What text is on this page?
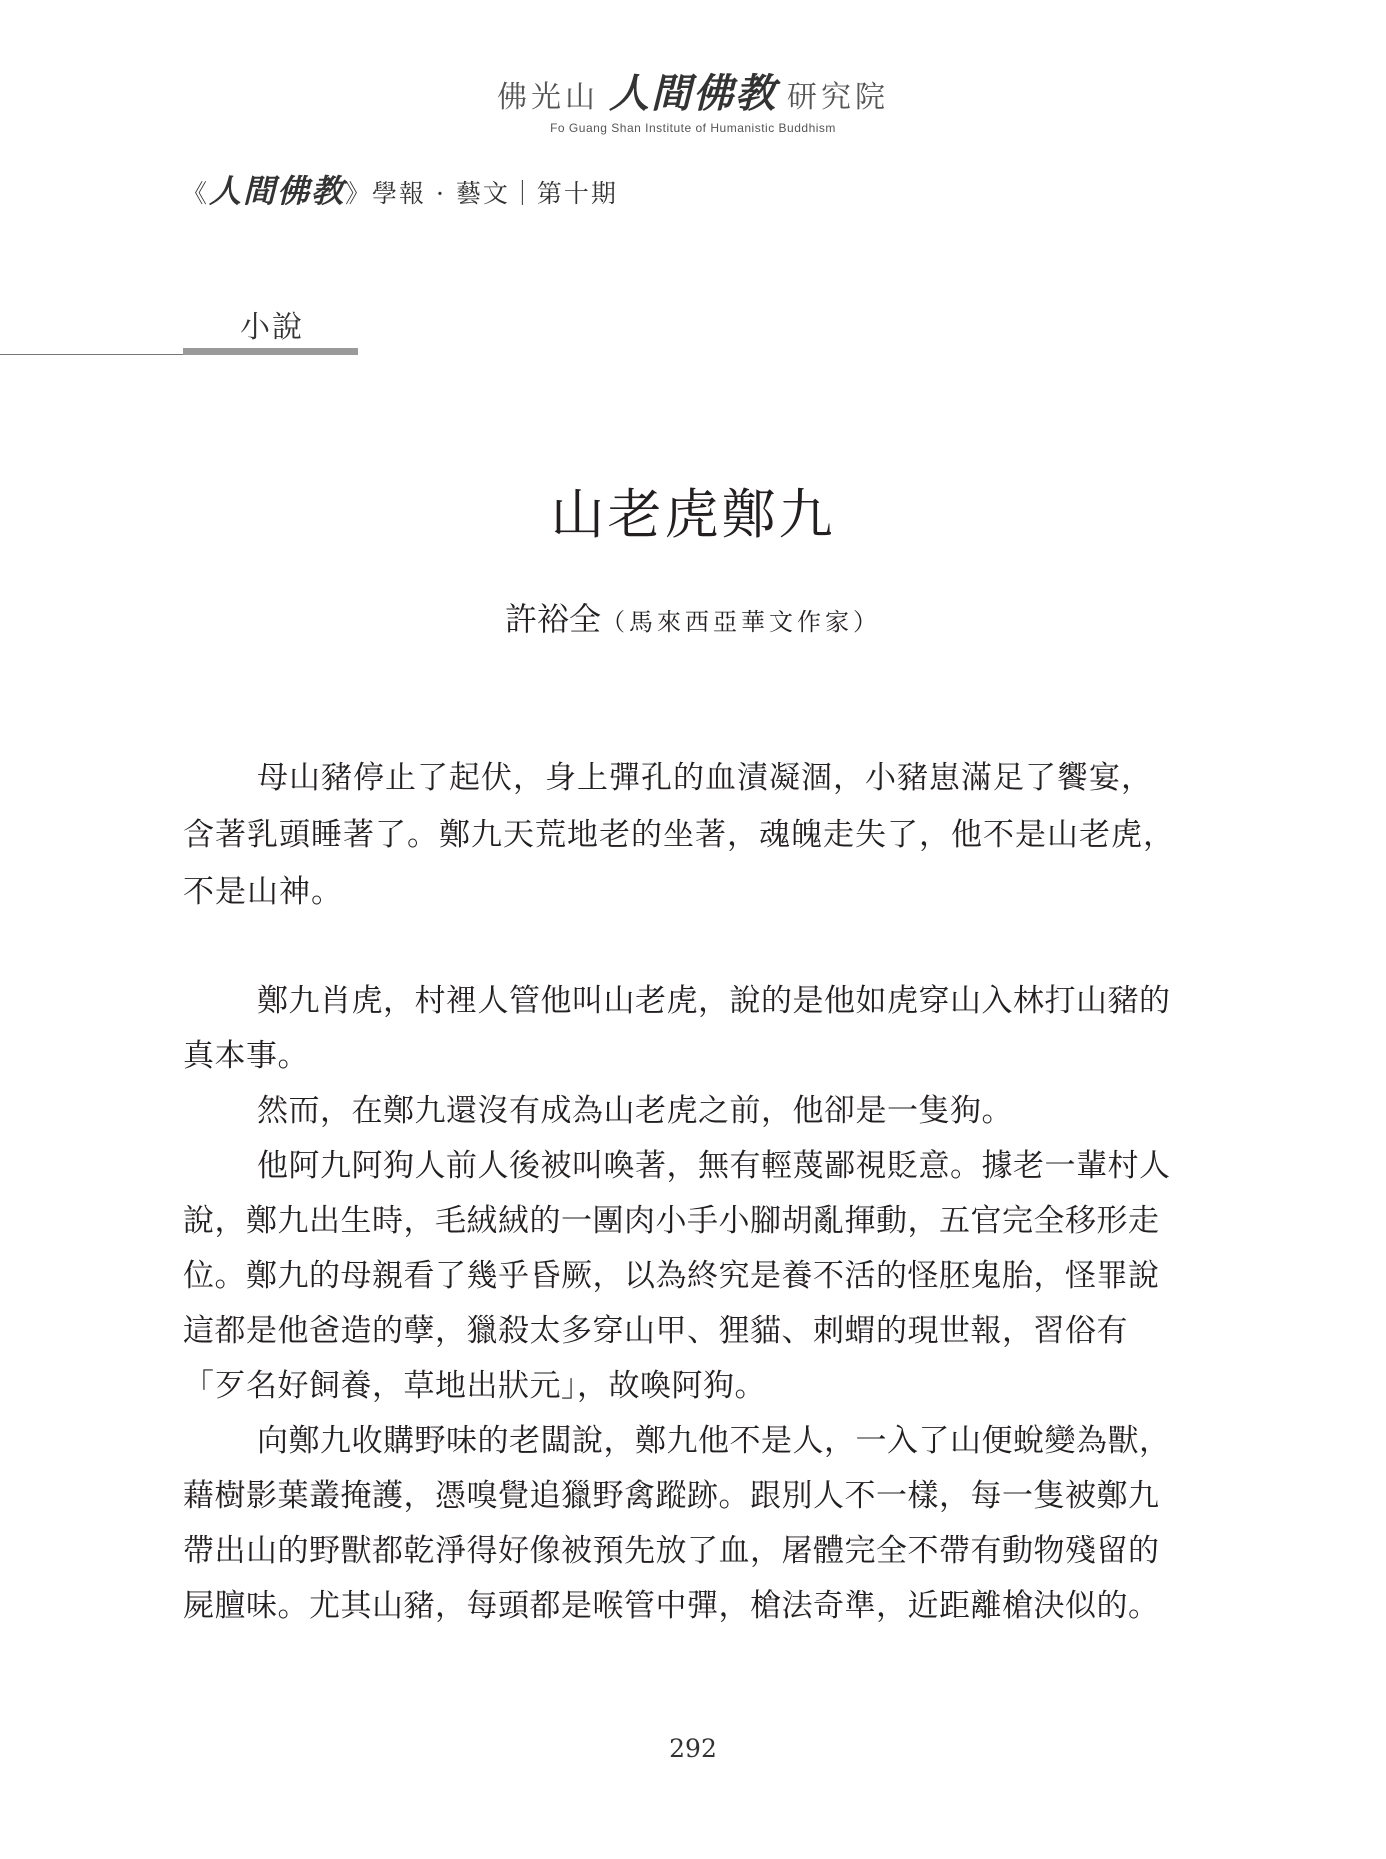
佛光山 人間佛教 研究院
Fo Guang Shan Institute of Humanistic Buddhism
《人間佛教》學報 · 藝文｜第十期
小說
山老虎鄭九
許裕全（馬來西亞華文作家）

母山豬停止了起伏，身上彈孔的血漬凝涸，小豬崽滿足了饗宴，含著乳頭睡著了。鄭九天荒地老的坐著，魂魄走失了，他不是山老虎，不是山神。

鄭九肖虎，村裡人管他叫山老虎，說的是他如虎穿山入林打山豬的真本事。

然而，在鄭九還沒有成為山老虎之前，他卻是一隻狗。

他阿九阿狗人前人後被叫喚著，無有輕蔑鄙視貶意。據老一輩村人說，鄭九出生時，毛絨絨的一團肉小手小腳胡亂揮動，五官完全移形走位。鄭九的母親看了幾乎昏厥，以為終究是養不活的怪胚鬼胎，怪罪說這都是他爸造的孽，獵殺太多穿山甲、狸貓、刺蝟的現世報，習俗有「歹名好飼養，草地出狀元」，故喚阿狗。

向鄭九收購野味的老闆說，鄭九他不是人，一入了山便蛻變為獸，藉樹影葉叢掩護，憑嗅覺追獵野禽蹤跡。跟別人不一樣，每一隻被鄭九帶出山的野獸都乾淨得好像被預先放了血，屠體完全不帶有動物殘留的屍膻味。尤其山豬，每頭都是喉管中彈，槍法奇準，近距離槍決似的。

292
